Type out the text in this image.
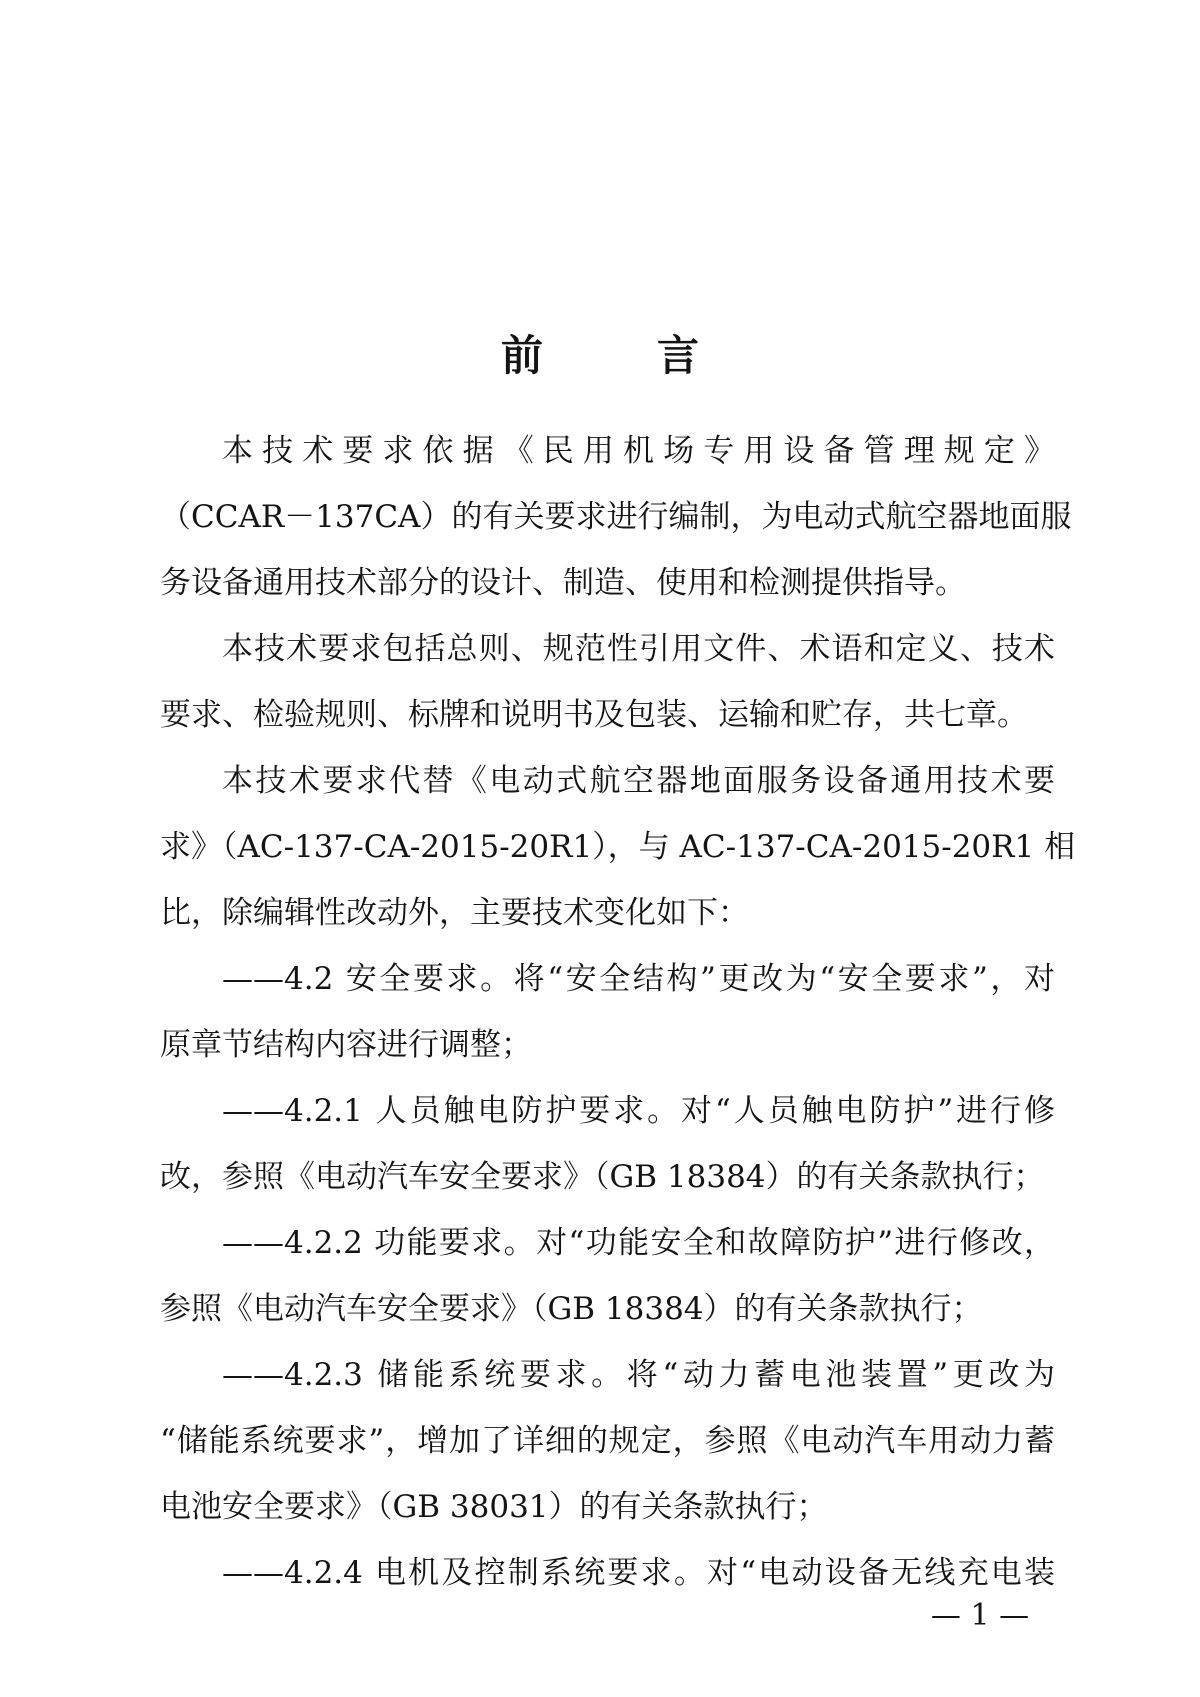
前　言
本技术要求依据《民用机场专用设备管理规定》
（CCAR－137CA）的有关要求进行编制，为电动式航空器地面服
务设备通用技术部分的设计、制造、使用和检测提供指导。
本技术要求包括总则、规范性引用文件、术语和定义、技术
要求、检验规则、标牌和说明书及包装、运输和贮存，共七章。
本技术要求代替《电动式航空器地面服务设备通用技术要
求》（AC-137-CA-2015-20R1），与 AC-137-CA-2015-20R1 相
比，除编辑性改动外，主要技术变化如下：
——4.2 安全要求。将“安全结构”更改为“安全要求”，对
原章节结构内容进行调整；
——4.2.1 人员触电防护要求。对“人员触电防护”进行修
改，参照《电动汽车安全要求》（GB 18384）的有关条款执行；
——4.2.2 功能要求。对“功能安全和故障防护”进行修改，
参照《电动汽车安全要求》（GB 18384）的有关条款执行；
——4.2.3 储能系统要求。将“动力蓄电池装置”更改为
“储能系统要求”，增加了详细的规定，参照《电动汽车用动力蓄
电池安全要求》（GB 38031）的有关条款执行；
——4.2.4 电机及控制系统要求。对“电动设备无线充电装
— 1 —
